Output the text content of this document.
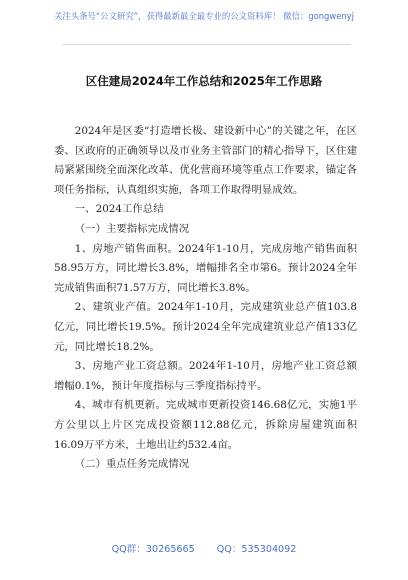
关注头条号“公文研究”，获得最新最全最专业的公文资料库！ 微信：gongwenyj
区住建局2024年工作总结和2025年工作思路

2024年是区委“打造增长极、建设新中心”的关键之年，在区委、区政府的正确领导以及市业务主管部门的精心指导下，区住建局紧紧围绕全面深化改革、优化营商环境等重点工作要求，锚定各项任务指标，认真组织实施，各项工作取得明显成效。

一、2024工作总结

（一）主要指标完成情况

1、房地产销售面积。2024年1-10月，完成房地产销售面积58.95万方，同比增长3.8%，增幅排名全市第6。预计2024全年完成销售面积71.57万方，同比增长3.8%。

2、建筑业产值。2024年1-10月，完成建筑业总产值103.8亿元，同比增长19.5%。预计2024全年完成建筑业总产值133亿元，同比增长18.2%。

3、房地产业工资总额。2024年1-10月，房地产业工资总额增幅0.1%，预计年度指标与三季度指标持平。

4、城市有机更新。完成城市更新投资146.68亿元，实施1平方公里以上片区完成投资额112.88亿元，拆除房屋建筑面积16.09万平方米，土地出让约532.4亩。

（二）重点任务完成情况

QQ群：30265665 QQ：535304092
